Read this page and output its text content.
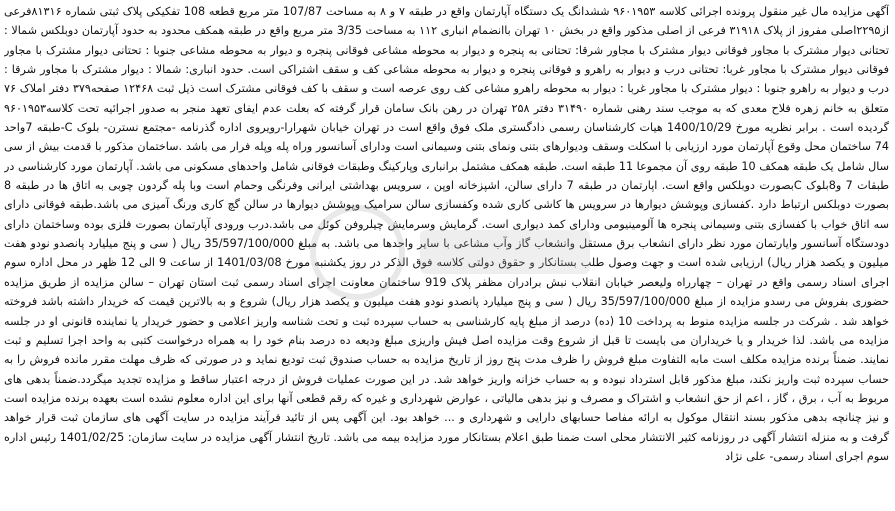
آگهی مزایده مال غیر منقول پرونده اجرائی کلاسه ۹۶۰۱۹۵۳ ششدانگ یک دستگاه آپارتمان واقع در طبقه ۷ و ۸ به مساحت 107/87 متر مربع قطعه 108 تفکیکی پلاک ثبتی شماره ۸۱۳۱۶فرعی از۲۲۹۵اصلی مفروز از پلاک ۳۱۹۱۸ فرعی از اصلی مذکور واقع در بخش ۱۰ تهران باانضمام انباری ۱۱۲ به مساحت 3/35 متر مربع واقع در طبقه همکف محدود به حدود آپارتمان دوبلکس شمالا : تحتانی دیوار مشترک با مجاور فوقانی دیوار مشترک با مجاور شرقا: تحتانی به پنجره و دیوار به محوطه مشاعی فوقانی پنجره و دیوار به محوطه مشاعی جنوبا : تحتانی دیوار مشترک با مجاور فوقانی دیوار مشترک با مجاور غربا: تحتانی درب و دیوار به راهرو و فوقانی پنجره و دیوار به محوطه مشاعی کف و سقف اشتراکی است. حدود انباری: شمالا : دیوار مشترک با مجاور شرقا : درب و دیوار به راهرو جنوبا : دیوار مشترک با مجاور غربا : دیوار به محوطه راهرو مشاعی کف روی عرصه است و سقف با کف فوقانی مشترک است ذیل ثبت ۱۲۴۶۸ صفحه۳۷۹ دفتر املاک ۷۶ متعلق به خانم زهره فلاح معدی که به موجب سند رهنی شماره ۳۱۴۹۰ دفتر ۲۵۸ تهران در رهن بانک سامان قرار گرفته که بعلت عدم ایفای تعهد منجر به صدور اجرائیه تحت کلاسه۹۶۰۱۹۵۳ گردیده است . برابر نظریه مورخ 1400/10/29 هیات کارشناسان رسمی دادگستری ملک فوق واقع است در تهران خیابان شهرارا-رویروی اداره گذرنامه -مجتمع نسترن- بلوک C-طبقه 7واحد 74 ساختمان محل وقوع آپارتمان مورد ارزیابی با اسکلت وسقف ودیوارهای بتنی ونمای بتنی وسیمانی است ودارای آسانسور وراه پله وپله فرار می باشد .ساختمان مذکور با قدمت بیش از سی سال شامل یک طبقه همکف 10 طبقه روی آن مجموعا 11 طبقه است. طبقه همکف مشتمل برانباری وپارکینگ وطبقات فوقانی شامل واحدهای مسکونی می باشد. آپارتمان مورد کارشناسی در طبقات 7 و8بلوک Cبصورت دوبلکس واقع است. اپارتمان در طبقه 7 دارای سالن، اشپزخانه اوپن ، سرویس بهداشتی ایرانی وفرنگی وحمام است وبا پله گردون چوبی به اتاق ها در طبقه 8 بصورت دوبلکس ارتباط دارد .کفسازی وپوشش دیوارها در سرویس ها کاشی کاری شده وکفسازی سالن سرامیک وپوشش دیوارها در سالن گچ کاری ورنگ آمیزی می باشد.طبقه فوقانی دارای سه اتاق خواب با کفسازی بتنی وسیمانی پنجره ها آلومینیومی ودارای کمد دیواری است. گرمایش وسرمایش چیلروفن کوئل می باشد.درب ورودی آپارتمان بصورت فلزی بوده وساختمان دارای دودستگاه آسانسور وایارتمان مورد نظر دارای انشعاب برق مستقل وانشعاب گاز وآب مشاعی با سایر واحدها می باشد. به مبلغ 35/597/100/000 ریال ( سی و پنج میلیارد پانصدو نودو هفت میلیون و یکصد هزار ریال) ارزیابی شده است و جهت وصول طلب بستانکار و حقوق دولتی کلاسه فوق الذکر در روز یکشنبه مورخ 1401/03/08 از ساعت 9 الی 12 ظهر در محل اداره سوم اجرای اسناد رسمی واقع در تهران – چهارراه ولیعصر خیابان انقلاب نبش برادران مظفر پلاک 919 ساختمان معاونت اجرای اسناد رسمی ثبت استان تهران – سالن مزایده از طریق مزایده حضوری بفروش می رسدو مزایده از مبلغ 35/597/100/000 ریال ( سی و پنج میلیارد پانصدو نودو هفت میلیون و یکصد هزار ریال) شروع و به بالاترین قیمت که خریدار داشته باشد فروخته خواهد شد . شرکت در جلسه مزایده منوط به پرداخت 10 (ده) درصد از مبلغ پایه کارشناسی به حساب سپرده ثبت و تحت شناسه واریز اعلامی و حضور خریدار یا نماینده قانونی او در جلسه مزایده می باشد. لذا خریدار و یا خریداران می بایست تا قبل از شروع وقت مزایده اصل فیش واریزی مبلغ ودیعه ده درصد بنام خود را به همراه درخواست کتبی به واحد اجرا تسلیم و ثبت نمایند. ضمناً برنده مزایده مکلف است مابه التفاوت مبلغ فروش را ظرف مدت پنج روز از تاریخ مزایده به حساب صندوق ثبت تودیع نماید و در صورتی که ظرف مهلت مقرر مانده فروش را به حساب سپرده ثبت واریز نکند، مبلغ مذکور قابل استرداد نبوده و به حساب خزانه واریز خواهد شد. در این صورت عملیات فروش از درجه اعتبار ساقط و مزایده تجدید میگردد.ضمناً بدهی های مربوط به آب ، برق ، گاز ، اعم از حق انشعاب و اشتراک و مصرف و نیز بدهی مالیاتی ، عوارض شهرداری و غیره که رقم قطعی آنها برای این اداره معلوم نشده است بعهده برنده مزایده است و نیز چنانچه بدهی مذکور بسند انتقال موکول به ارائه مفاصا حسابهای دارایی و شهرداری و ... خواهد بود. این آگهی پس از تائید فرآیند مزایده در سایت آگهی های سازمان ثبت قرار خواهد گرفت و به منزله انتشار آگهی در روزنامه کثیر الانتشار محلی است ضمنا طبق اعلام بستانکار مورد مزایده بیمه می باشد. تاریخ انتشار آگهی مزایده در سایت سازمان: 1401/02/25 رئیس اداره سوم اجرای اسناد رسمی- علی نژاد
